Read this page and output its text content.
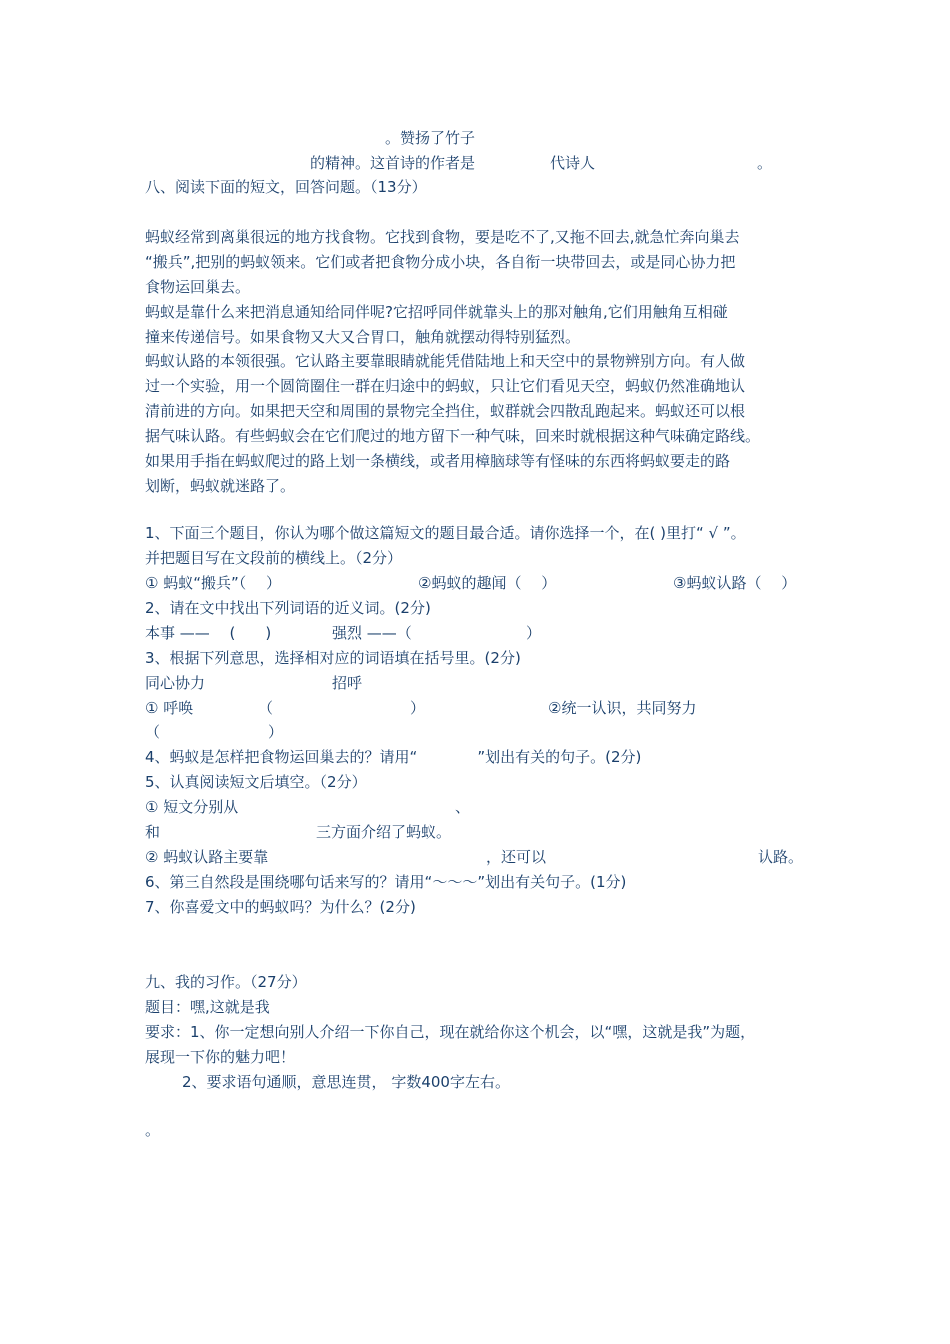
。赞扬了竹子
的精神。这首诗的作者是	代诗人	。
八、阅读下面的短文，回答问题。（13分）
蚂蚁经常到离巢很远的地方找食物。它找到食物，要是吃不了,又拖不回去,就急忙奔向巢去
“搬兵”,把别的蚂蚁领来。它们或者把食物分成小块，各自衔一块带回去，或是同心协力把
食物运回巢去。
蚂蚁是靠什么来把消息通知给同伴呢?它招呼同伴就靠头上的那对触角,它们用触角互相碰
撞来传递信号。如果食物又大又合胃口，触角就摆动得特别猛烈。
蚂蚁认路的本领很强。它认路主要靠眼睛就能凭借陆地上和天空中的景物辨别方向。有人做
过一个实验，用一个圆筒圈住一群在归途中的蚂蚁，只让它们看见天空，蚂蚁仍然准确地认
清前进的方向。如果把天空和周围的景物完全挡住，蚁群就会四散乱跑起来。蚂蚁还可以根
据气味认路。有些蚂蚁会在它们爬过的地方留下一种气味，回来时就根据这种气味确定路线。
如果用手指在蚂蚁爬过的路上划一条横线，或者用樟脑球等有怪味的东西将蚂蚁要走的路
划断，蚂蚁就迷路了。
1、下面三个题目，你认为哪个做这篇短文的题目最合适。请你选择一个，在( )里打“ √ ”。
并把题目写在文段前的横线上。（2分）
① 蚂蚁“搬兵”（　 ）	②蚂蚁的趣闻（　 ）	③蚂蚁认路（　 ）
2、请在文中找出下列词语的近义词。(2分)
本事 ——　 (　　)	强烈 ——（	）
3、根据下列意思，选择相对应的词语填在括号里。(2分)
同心协力	招呼
① 呼唤	（	）	②统一认识，共同努力
（	）
4、蚂蚁是怎样把食物运回巢去的？请用“　　　　”划出有关的句子。(2分)
5、认真阅读短文后填空。（2分）
① 短文分别从	、
和	三方面介绍了蚂蚁。
② 蚂蚁认路主要靠	，还可以	认路。
6、第三自然段是围绕哪句话来写的？请用“～～～”划出有关句子。(1分)
7、你喜爱文中的蚂蚁吗？为什么？(2分)
九、我的习作。（27分）
题目：嘿,这就是我
要求：1、你一定想向别人介绍一下你自己，现在就给你这个机会，以“嘿，这就是我”为题，
展现一下你的魅力吧！
2、要求语句通顺，意思连贯， 字数400字左右。
。
